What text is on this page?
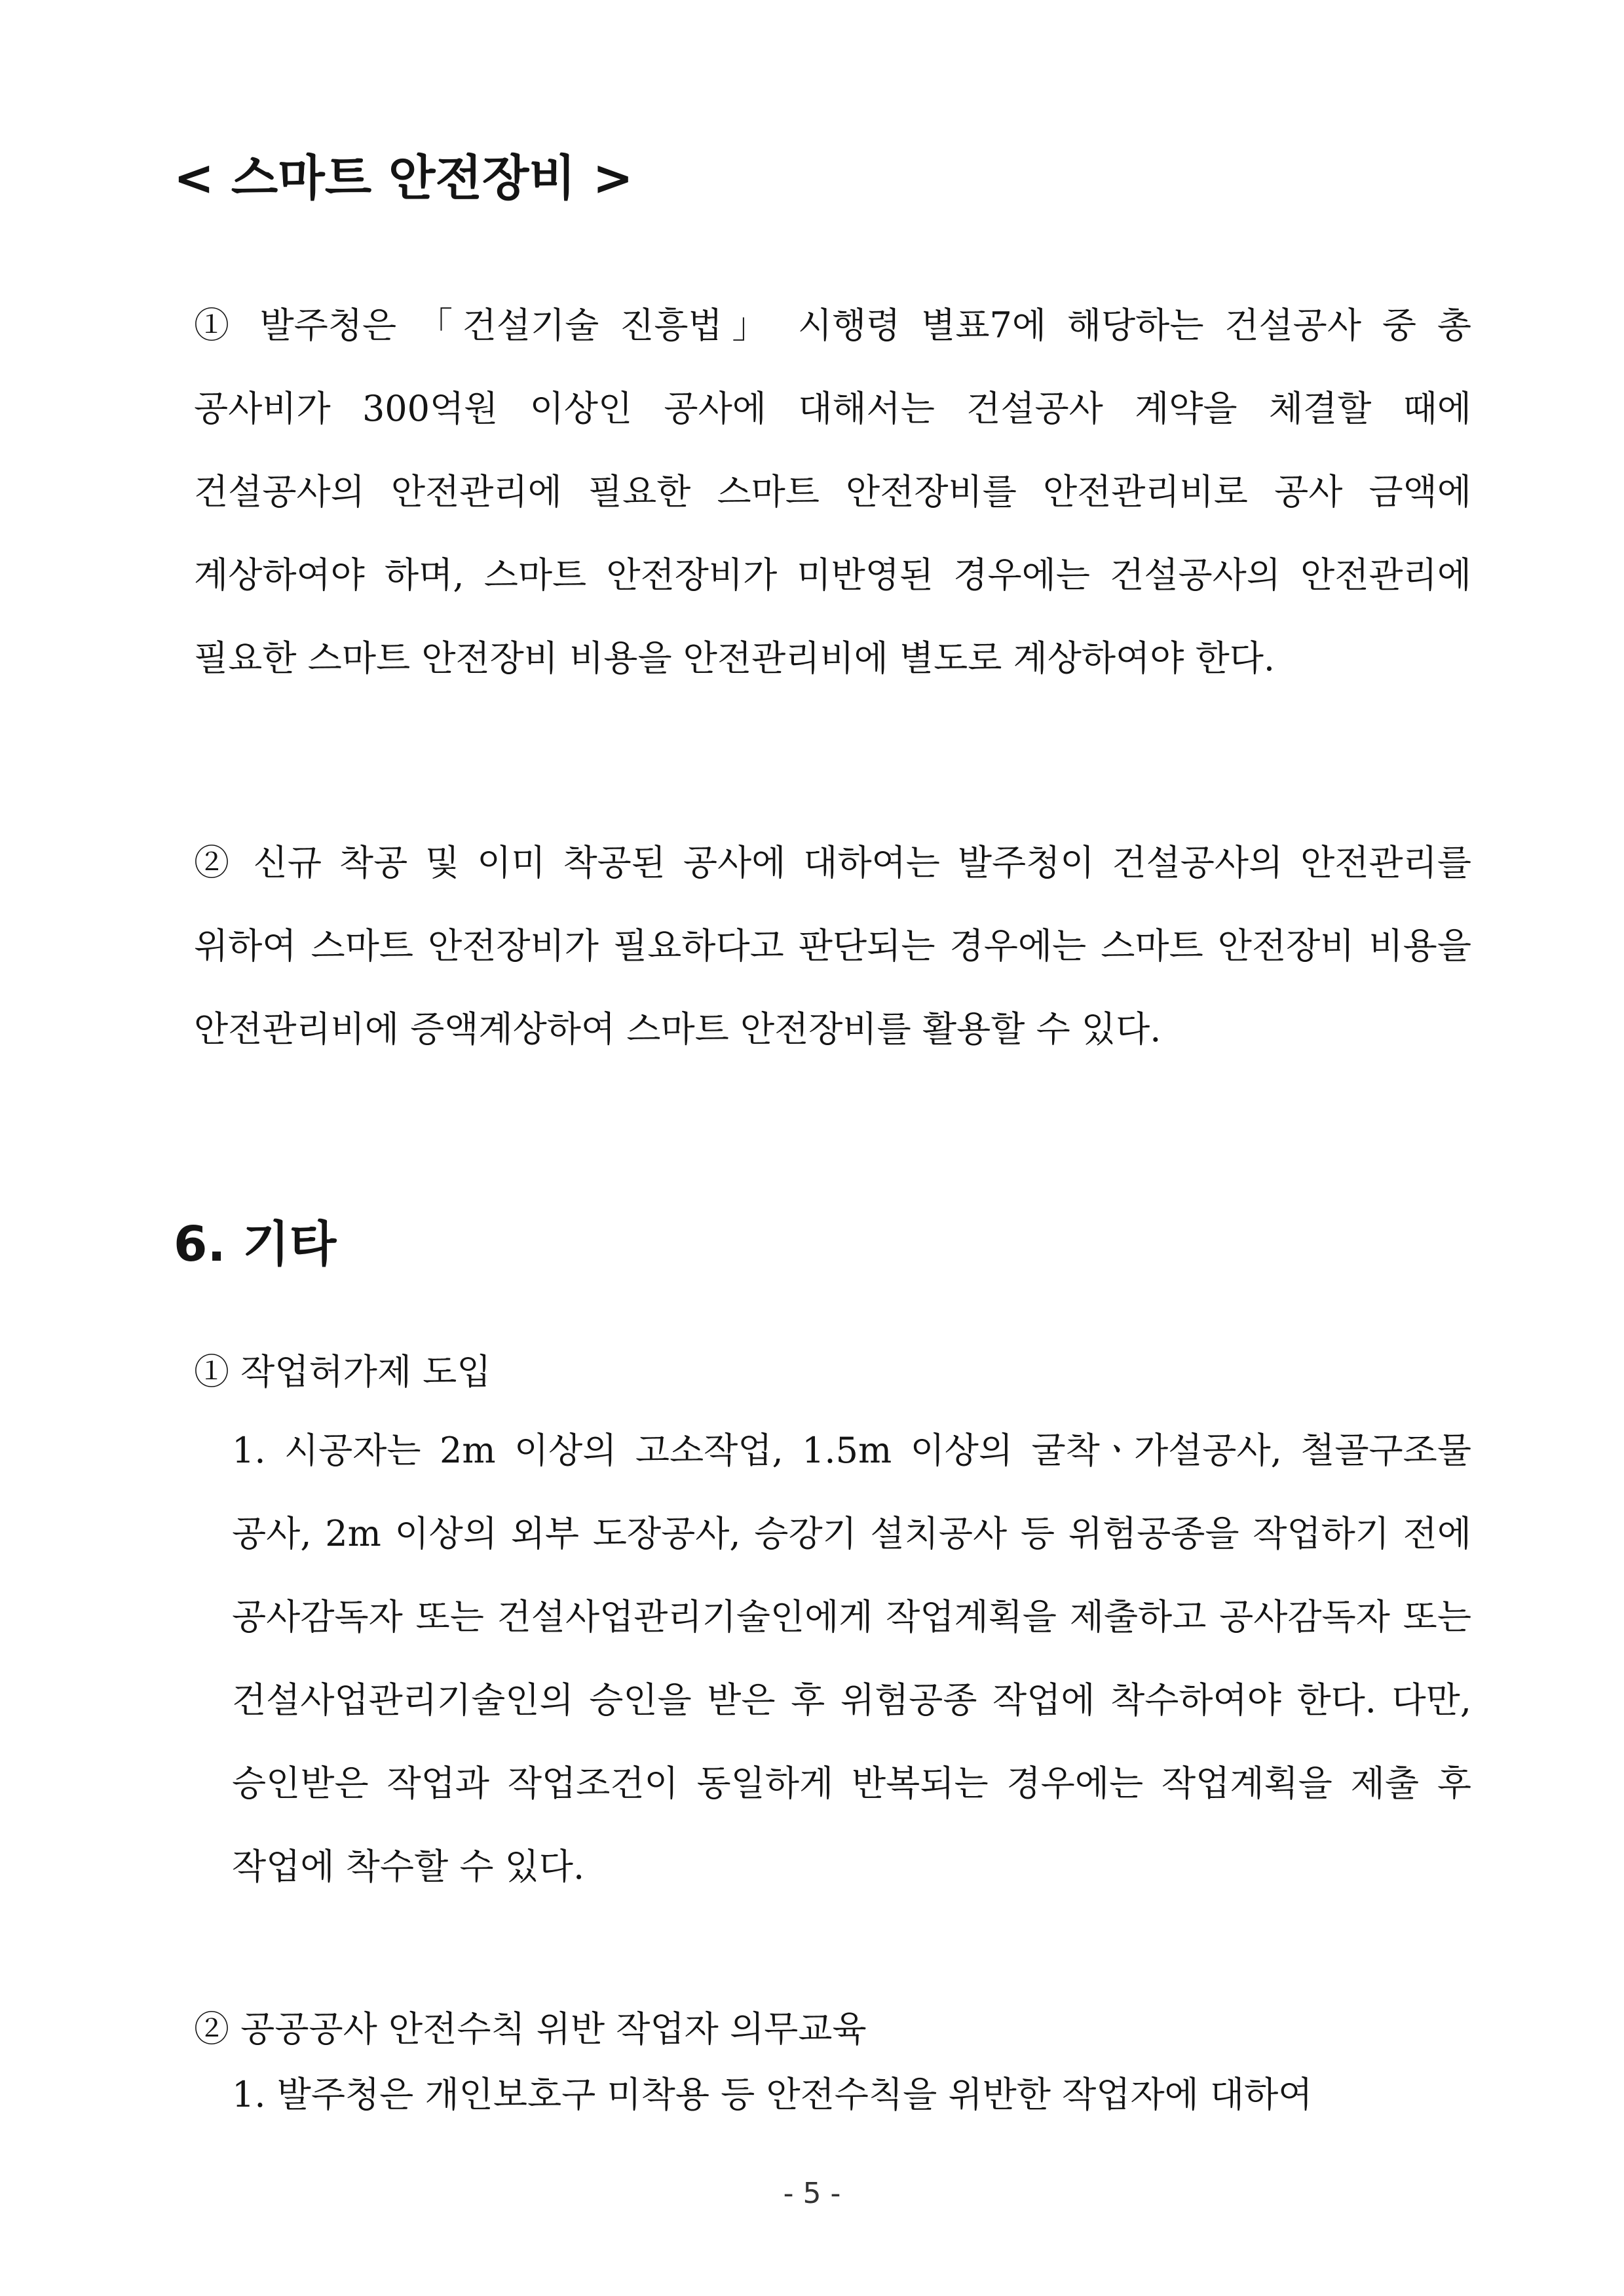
< 스마트 안전장비 >

① 발주청은 「건설기술 진흥법」 시행령 별표7에 해당하는 건설공사 중 총 공사비가 300억원 이상인 공사에 대해서는 건설공사 계약을 체결할 때에 건설공사의 안전관리에 필요한 스마트 안전장비를 안전관리비로 공사 금액에 계상하여야 하며, 스마트 안전장비가 미반영된 경우에는 건설공사의 안전관리에 필요한 스마트 안전장비 비용을 안전관리비에 별도로 계상하여야 한다.

② 신규 착공 및 이미 착공된 공사에 대하여는 발주청이 건설공사의 안전관리를 위하여 스마트 안전장비가 필요하다고 판단되는 경우에는 스마트 안전장비 비용을 안전관리비에 증액계상하여 스마트 안전장비를 활용할 수 있다.

6. 기타

① 작업허가제 도입

1. 시공자는 2m 이상의 고소작업, 1.5m 이상의 굴착ㆍ가설공사, 철골구조물 공사, 2m 이상의 외부 도장공사, 승강기 설치공사 등 위험공종을 작업하기 전에 공사감독자 또는 건설사업관리기술인에게 작업계획을 제출하고 공사감독자 또는 건설사업관리기술인의 승인을 받은 후 위험공종 작업에 착수하여야 한다. 다만, 승인받은 작업과 작업조건이 동일하게 반복되는 경우에는 작업계획을 제출 후 작업에 착수할 수 있다.

② 공공공사 안전수칙 위반 작업자 의무교육

1. 발주청은 개인보호구 미착용 등 안전수칙을 위반한 작업자에 대하여

- 5 -
